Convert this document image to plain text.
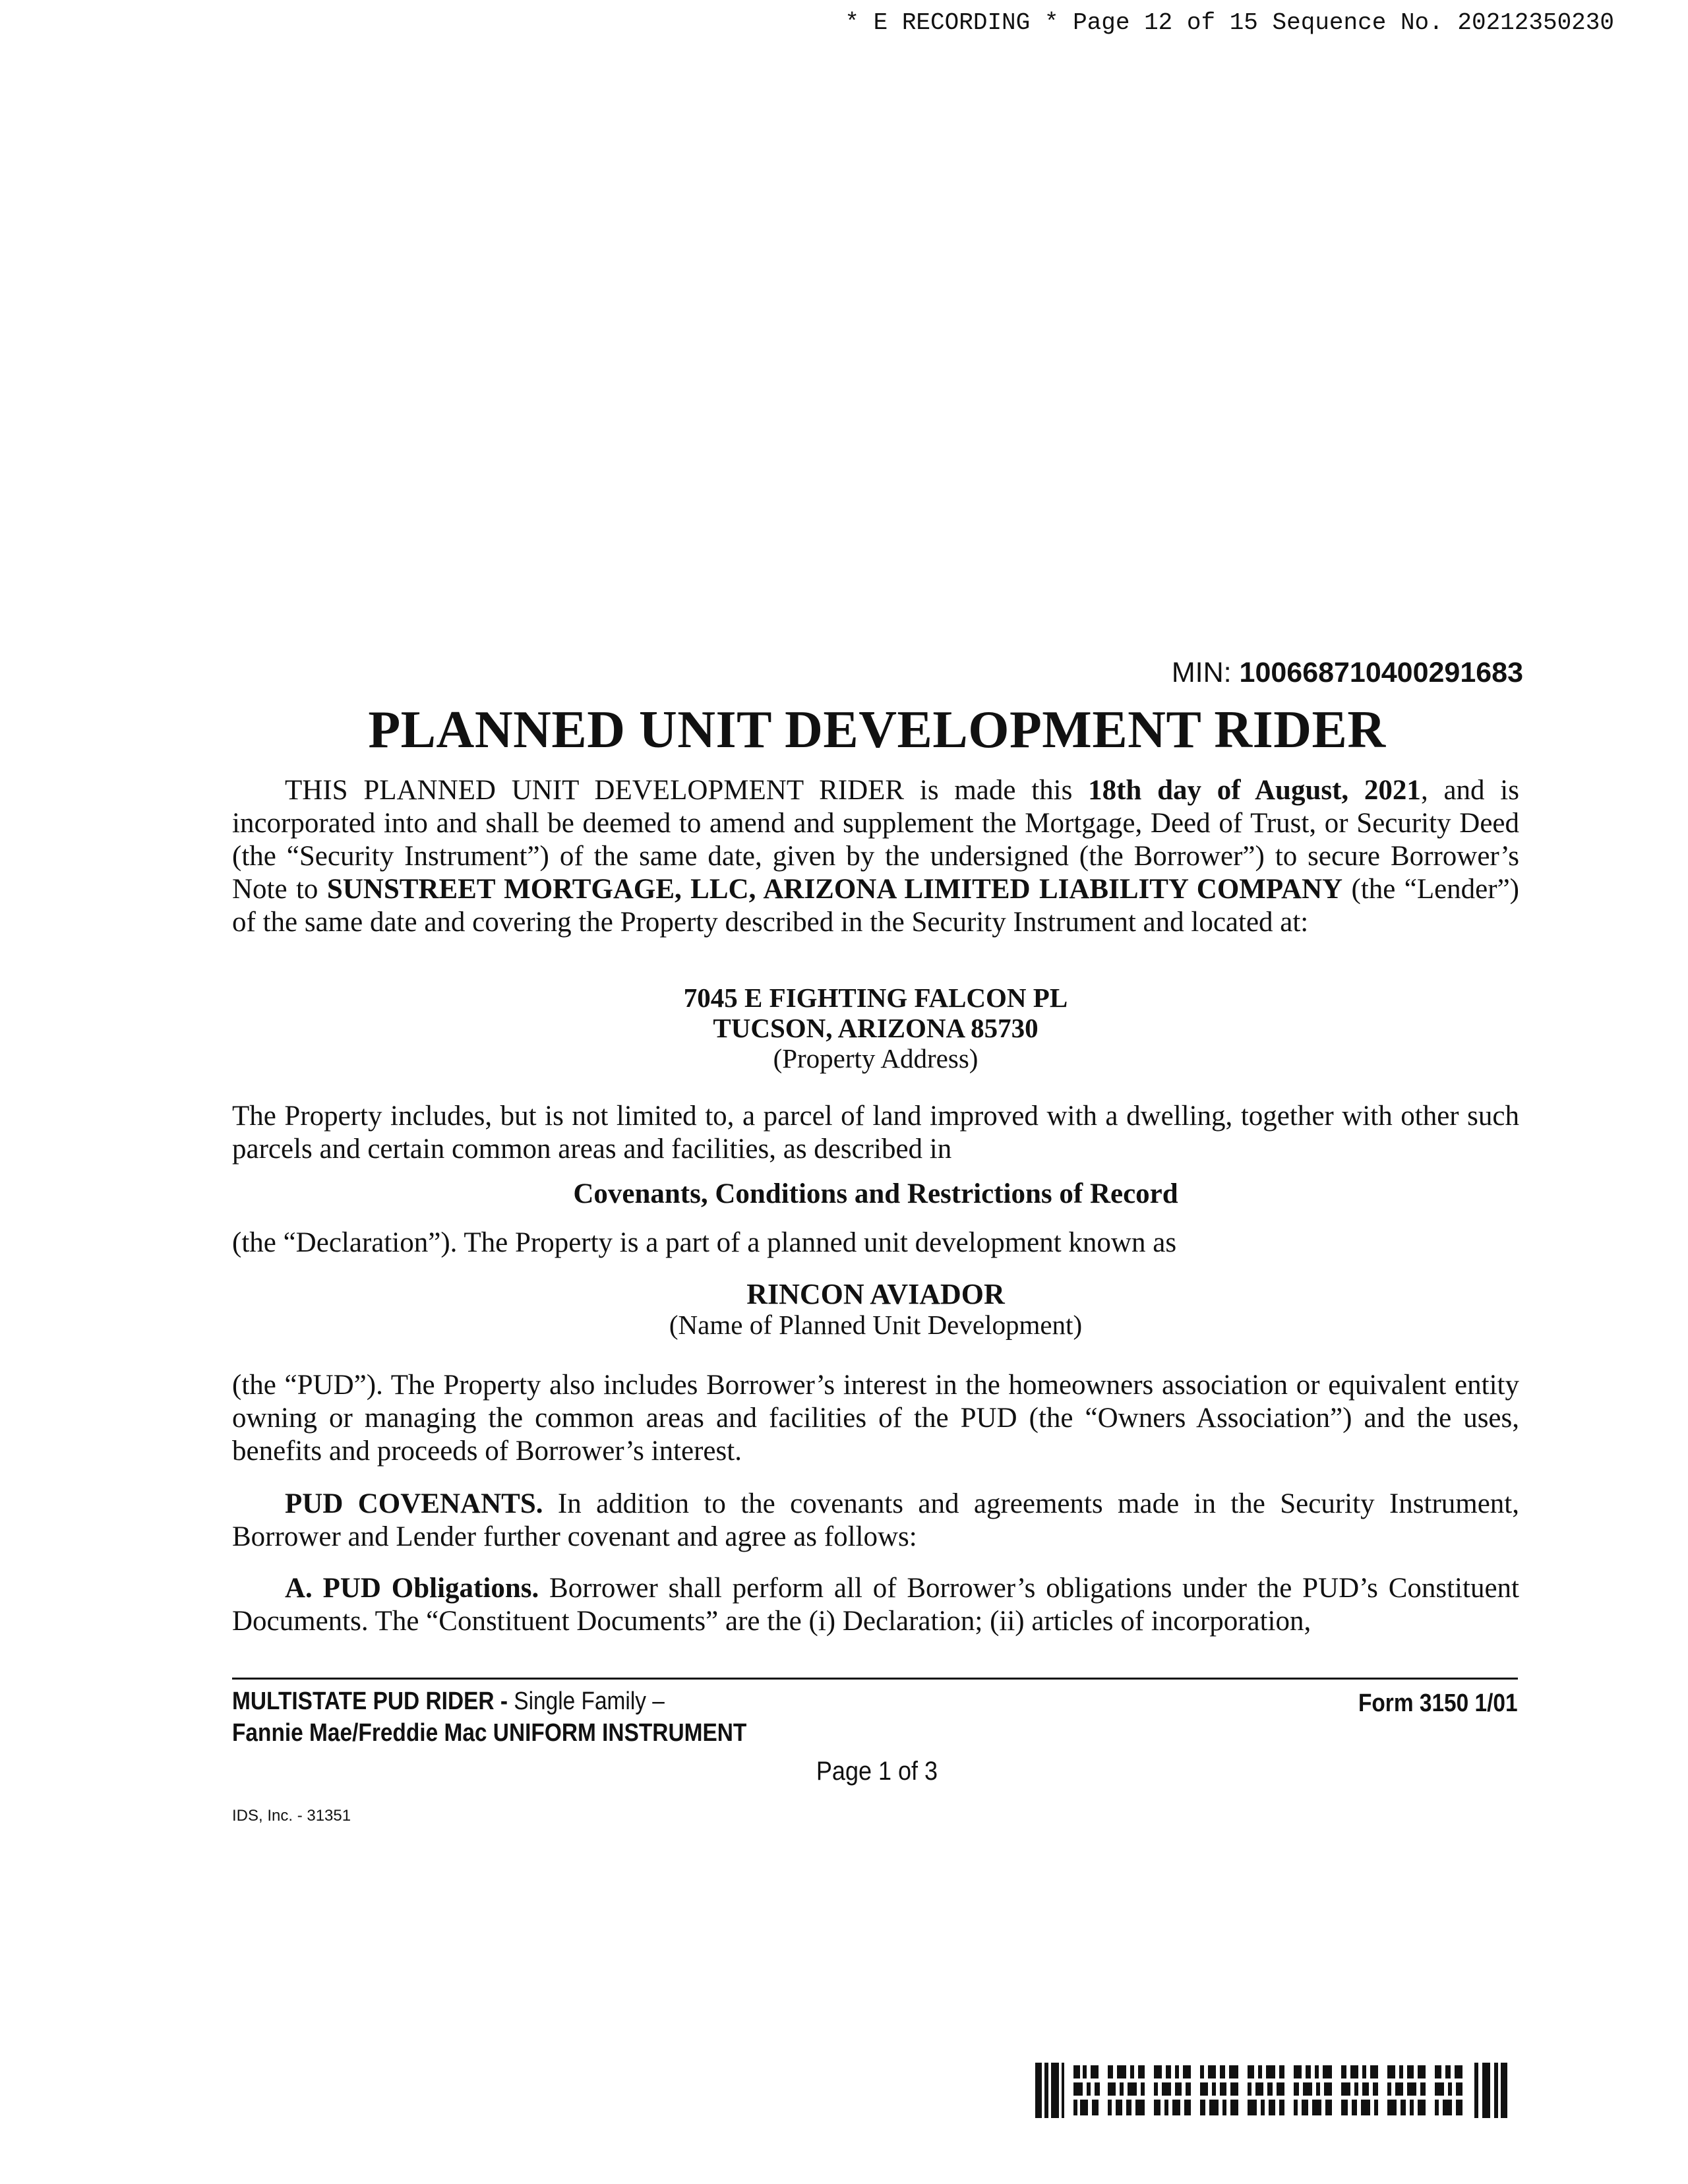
* E RECORDING * Page 12 of 15 Sequence No. 20212350230
MIN: 100668710400291683
PLANNED UNIT DEVELOPMENT RIDER
THIS PLANNED UNIT DEVELOPMENT RIDER is made this 18th day of August, 2021, and is incorporated into and shall be deemed to amend and supplement the Mortgage, Deed of Trust, or Security Deed (the “Security Instrument”) of the same date, given by the undersigned (the Borrower”) to secure Borrower’s Note to SUNSTREET MORTGAGE, LLC, ARIZONA LIMITED LIABILITY COMPANY (the “Lender”) of the same date and covering the Property described in the Security Instrument and located at:
7045 E FIGHTING FALCON PL
TUCSON, ARIZONA 85730
(Property Address)
The Property includes, but is not limited to, a parcel of land improved with a dwelling, together with other such parcels and certain common areas and facilities, as described in
Covenants, Conditions and Restrictions of Record
(the “Declaration”). The Property is a part of a planned unit development known as
RINCON AVIADOR
(Name of Planned Unit Development)
(the “PUD”). The Property also includes Borrower’s interest in the homeowners association or equivalent entity owning or managing the common areas and facilities of the PUD (the “Owners Association”) and the uses, benefits and proceeds of Borrower’s interest.
PUD COVENANTS. In addition to the covenants and agreements made in the Security Instrument, Borrower and Lender further covenant and agree as follows:
A. PUD Obligations. Borrower shall perform all of Borrower’s obligations under the PUD’s Constituent Documents. The “Constituent Documents” are the (i) Declaration; (ii) articles of incorporation,
MULTISTATE PUD RIDER - Single Family –
Fannie Mae/Freddie Mac UNIFORM INSTRUMENT
Form 3150 1/01
Page 1 of 3
IDS, Inc. - 31351
